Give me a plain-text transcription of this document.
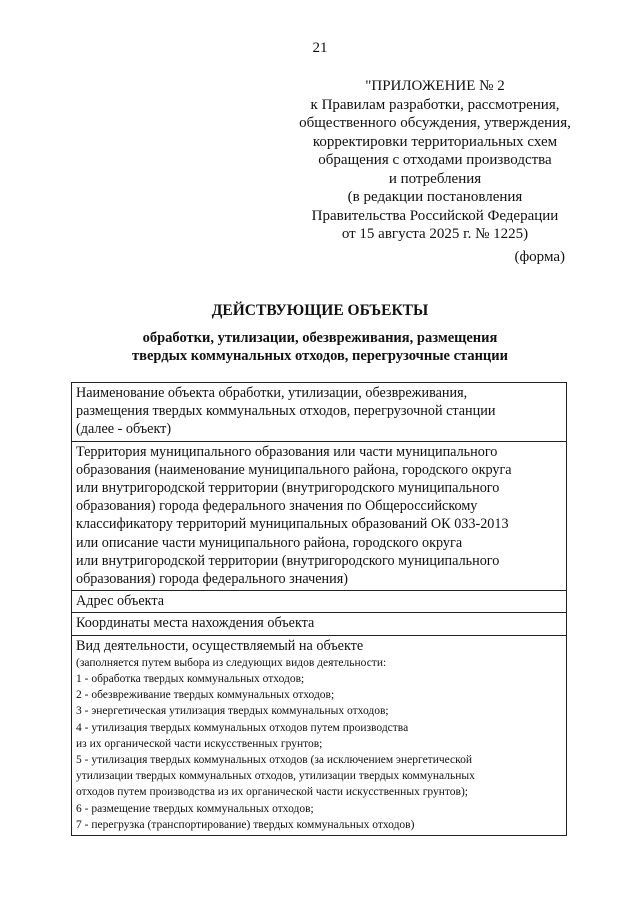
21
"ПРИЛОЖЕНИЕ № 2
к Правилам разработки, рассмотрения,
общественного обсуждения, утверждения,
корректировки территориальных схем
обращения с отходами производства
и потребления
(в редакции постановления
Правительства Российской Федерации
от 15 августа 2025 г. № 1225)
(форма)
ДЕЙСТВУЮЩИЕ ОБЪЕКТЫ
обработки, утилизации, обезвреживания, размещения
твердых коммунальных отходов, перегрузочные станции
Наименование объекта обработки, утилизации, обезвреживания,
размещения твердых коммунальных отходов, перегрузочной станции
(далее - объект)

Территория муниципального образования или части муниципального
образования (наименование муниципального района, городского округа
или внутригородской территории (внутригородского муниципального
образования) города федерального значения по Общероссийскому
классификатору территорий муниципальных образований ОК 033-2013
или описание части муниципального района, городского округа
или внутригородской территории (внутригородского муниципального
образования) города федерального значения)

Адрес объекта

Координаты места нахождения объекта

Вид деятельности, осуществляемый на объекте
(заполняется путем выбора из следующих видов деятельности:
1 - обработка твердых коммунальных отходов;
2 - обезвреживание твердых коммунальных отходов;
3 - энергетическая утилизация твердых коммунальных отходов;
4 - утилизация твердых коммунальных отходов путем производства
из их органической части искусственных грунтов;
5 - утилизация твердых коммунальных отходов (за исключением энергетической
утилизации твердых коммунальных отходов, утилизации твердых коммунальных
отходов путем производства из их органической части искусственных грунтов);
6 - размещение твердых коммунальных отходов;
7 - перегрузка (транспортирование) твердых коммунальных отходов)
